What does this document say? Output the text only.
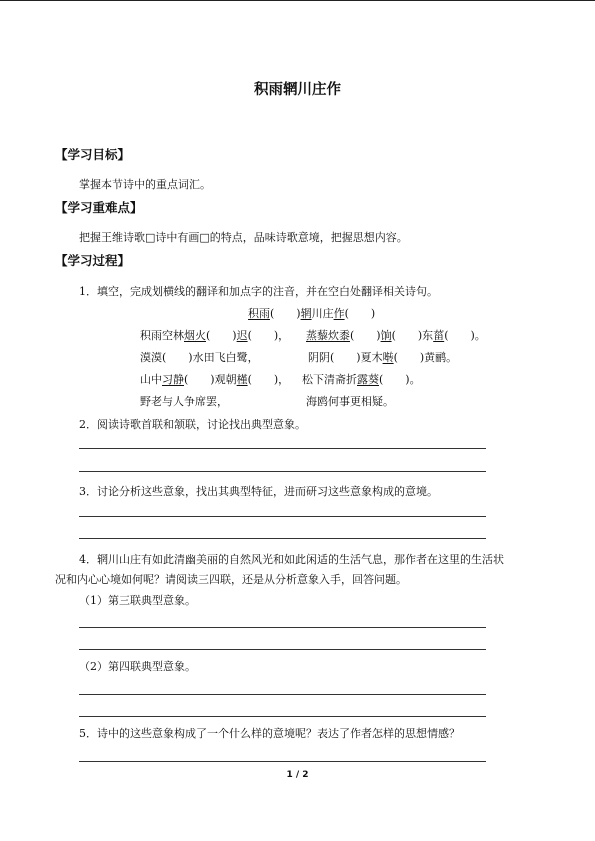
积雨辋川庄作
【学习目标】
掌握本节诗中的重点词汇。
【学习重难点】
把握王维诗歌□诗中有画□的特点，品味诗歌意境，把握思想内容。
【学习过程】
1．填空，完成划横线的翻译和加点字的注音，并在空白处翻译相关诗句。
积雨(　　)辋川庄作(　　)
积雨空林烟火(　　)迟(　　)， 蒸藜炊黍(　　)饷(　　)东菑(　　)。
漠漠(　　)水田飞白鹭，	阴阴(　　)夏木啭(　　)黄鹂。
山中习静(　　)观朝槿(　　)， 松下清斋折露葵(　　)。
野老与人争席罢，	海鸥何事更相疑。
2．阅读诗歌首联和颔联，讨论找出典型意象。
3．讨论分析这些意象，找出其典型特征，进而研习这些意象构成的意境。
4．辋川山庄有如此清幽美丽的自然风光和如此闲适的生活气息，那作者在这里的生活状
况和内心心境如何呢？请阅读三四联，还是从分析意象入手，回答问题。
（1）第三联典型意象。
（2）第四联典型意象。
5．诗中的这些意象构成了一个什么样的意境呢？表达了作者怎样的思想情感？
1 / 2
